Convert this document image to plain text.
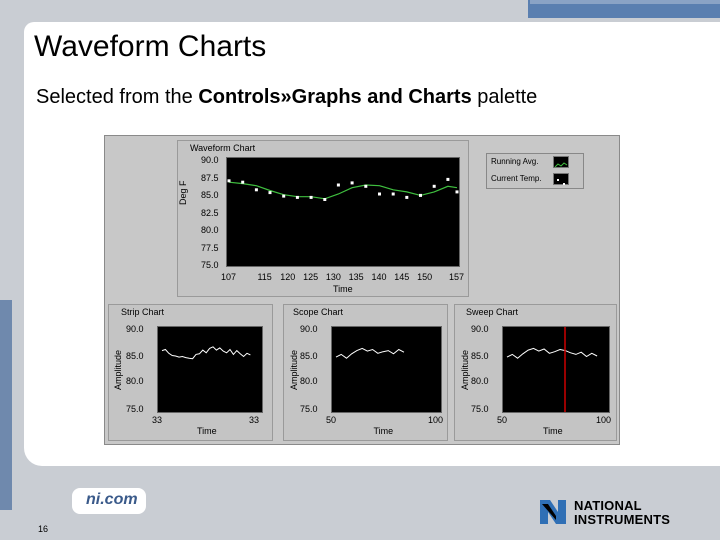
Waveform Charts

Selected from the Controls»Graphs and Charts palette

Waveform Chart
90.0
87.5
85.0
82.5
80.0
77.5
75.0
107 115 120 125 130 135 140 145 150 157
Deg F
Time
Running Avg.
Current Temp.
Strip Chart	Scope Chart	Sweep Chart
90.0
85.0
80.0
75.0
33	33
Time
Amplitude
90.0
85.0
80.0
75.0
50	100
Time
Amplitude
90.0
85.0
80.0
75.0
50	100
Time
Amplitude
ni.com
16
NATIONAL
INSTRUMENTS
